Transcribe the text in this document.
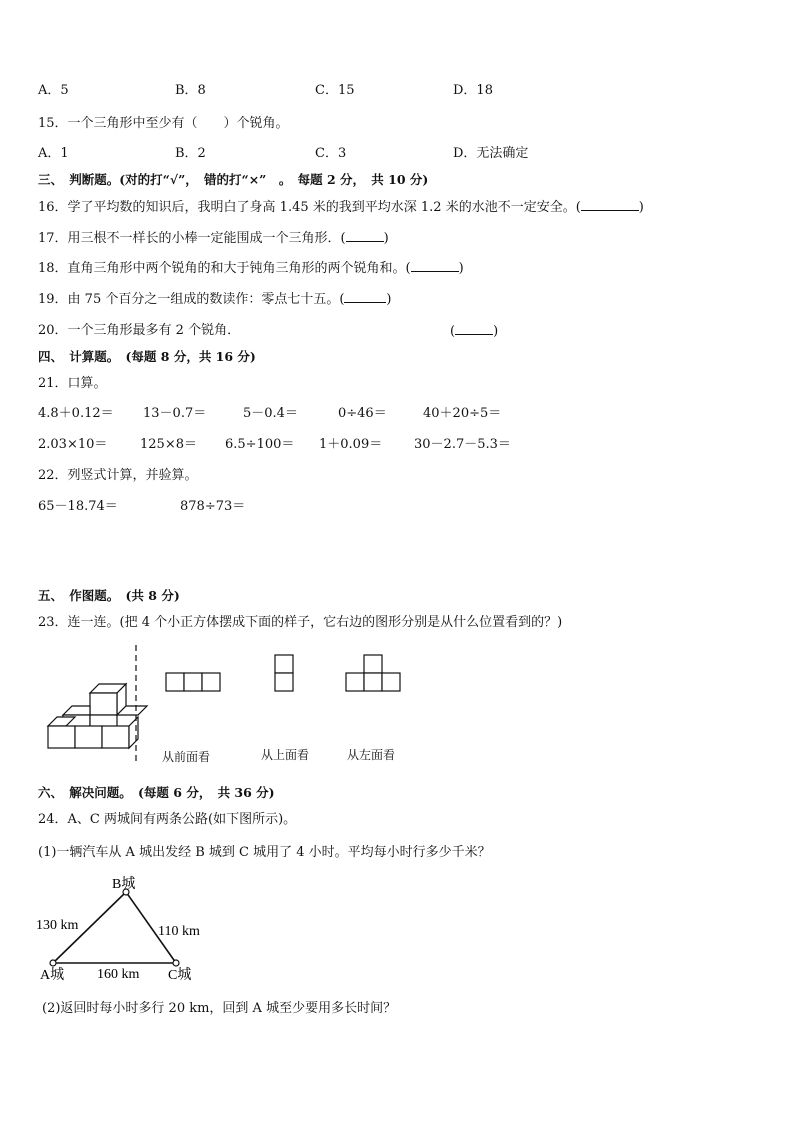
A．5	B．8	C．15	D．18
15．一个三角形中至少有（　　）个锐角。
A．1	B．2	C．3	D．无法确定
三、　判断题。(对的打“√”，　错的打“×”　。　每题 2 分，　共 10 分)
16．学了平均数的知识后，我明白了身高 1.45 米的我到平均水深 1.2 米的水池不一定安全。(	)
17．用三根不一样长的小棒一定能围成一个三角形．(	)
18．直角三角形中两个锐角的和大于钝角三角形的两个锐角和。(	)
19．由 75 个百分之一组成的数读作：零点七十五。(	)
20．一个三角形最多有 2 个锐角．	(	)
四、　计算题。　(每题 8 分，共 16 分)
21．口算。
4.8＋0.12＝ 13－0.7＝	5－0.4＝	0÷46＝	40＋20÷5＝
2.03×10＝	125×8＝ 6.5÷100＝ 1＋0.09＝ 30－2.7－5.3＝
22．列竖式计算，并验算。
65－18.74＝	878÷73＝
五、　作图题。　(共 8 分)
23．连一连。(把 4 个小正方体摆成下面的样子，它右边的图形分别是从什么位置看到的？)
从前面看	从上面看	从左面看
六、　解决问题。　(每题 6 分，　共 36 分)
24．A、C 两城间有两条公路(如下图所示)。
(1)一辆汽车从 A 城出发经 B 城到 C 城用了 4 小时。平均每小时行多少千米？
B城
A城	C城
130 km	110 km
160 km
(2)返回时每小时多行 20 km，回到 A 城至少要用多长时间？
